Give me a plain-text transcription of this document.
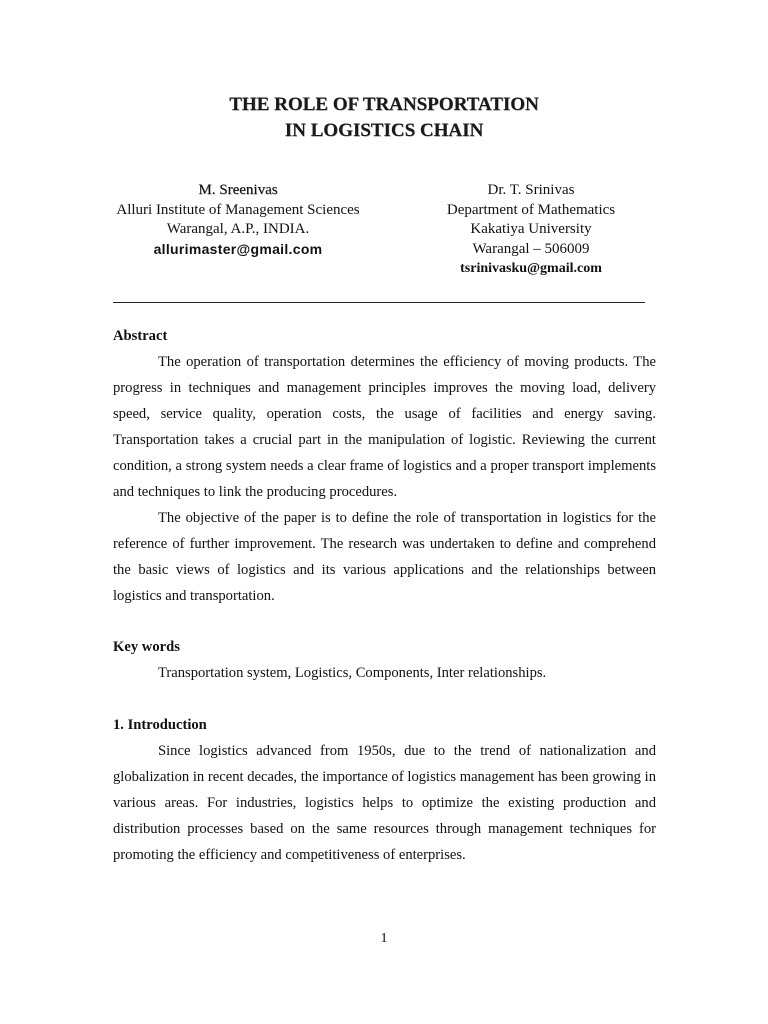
THE ROLE OF TRANSPORTATION
IN LOGISTICS CHAIN
M. Sreenivas
Alluri Institute of Management Sciences
Warangal, A.P., INDIA.
allurimaster@gmail.com
Dr. T. Srinivas
Department of Mathematics
Kakatiya University
Warangal – 506009
tsrinivasku@gmail.com
Abstract

The operation of transportation determines the efficiency of moving products. The progress in techniques and management principles improves the moving load, delivery speed, service quality, operation costs, the usage of facilities and energy saving. Transportation takes a crucial part in the manipulation of logistic. Reviewing the current condition, a strong system needs a clear frame of logistics and a proper transport implements and techniques to link the producing procedures.

The objective of the paper is to define the role of transportation in logistics for the reference of further improvement. The research was undertaken to define and comprehend the basic views of logistics and its various applications and the relationships between logistics and transportation.

Key words

Transportation system, Logistics, Components, Inter relationships.

1. Introduction

Since logistics advanced from 1950s, due to the trend of nationalization and globalization in recent decades, the importance of logistics management has been growing in various areas. For industries, logistics helps to optimize the existing production and distribution processes based on the same resources through management techniques for promoting the efficiency and competitiveness of enterprises.

1
